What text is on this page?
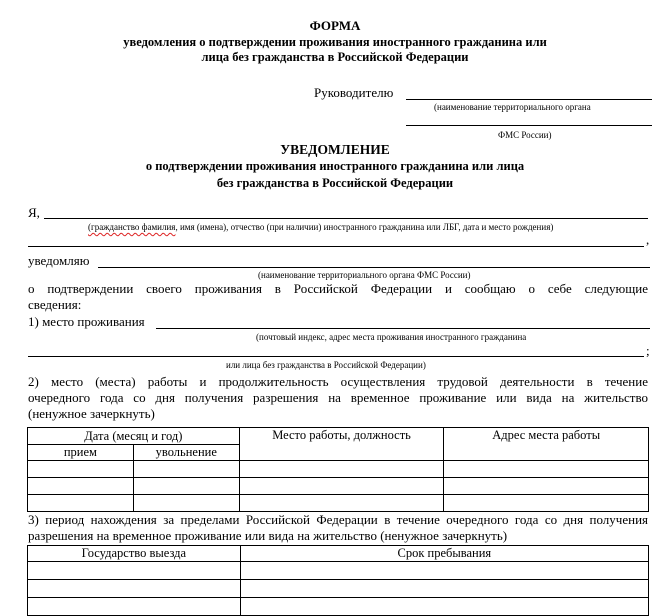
ФОРМА
уведомления о подтверждении проживания иностранного гражданина или
лица без гражданства в Российской Федерации
Руководителю
(наименование территориального органа
ФМС России)
УВЕДОМЛЕНИЕ
о подтверждении проживания иностранного гражданина или лица
без гражданства в Российской Федерации
Я,
(гражданство фамилия, имя (имена), отчество (при наличии) иностранного гражданина или ЛБГ, дата и место рождения)
,
уведомляю
(наименование территориального органа ФМС России)
о подтверждении своего проживания в Российской Федерации и сообщаю о себе следующие
сведения:
1) место проживания
(почтовый индекс, адрес места проживания иностранного гражданина
;
или лица без гражданства в Российской Федерации)
2) место (места) работы и продолжительность осуществления трудовой деятельности в течение
очередного года со дня получения разрешения на временное проживание или вида на жительство
(ненужное зачеркнуть)
Дата (месяц и год)		Место работы, должность	Адрес места работы
прием	увольнение		

3) период нахождения за пределами Российской Федерации в течение очередного года со дня получения
разрешения на временное проживание или вида на жительство (ненужное зачеркнуть)
Государство выезда	Срок пребывания
